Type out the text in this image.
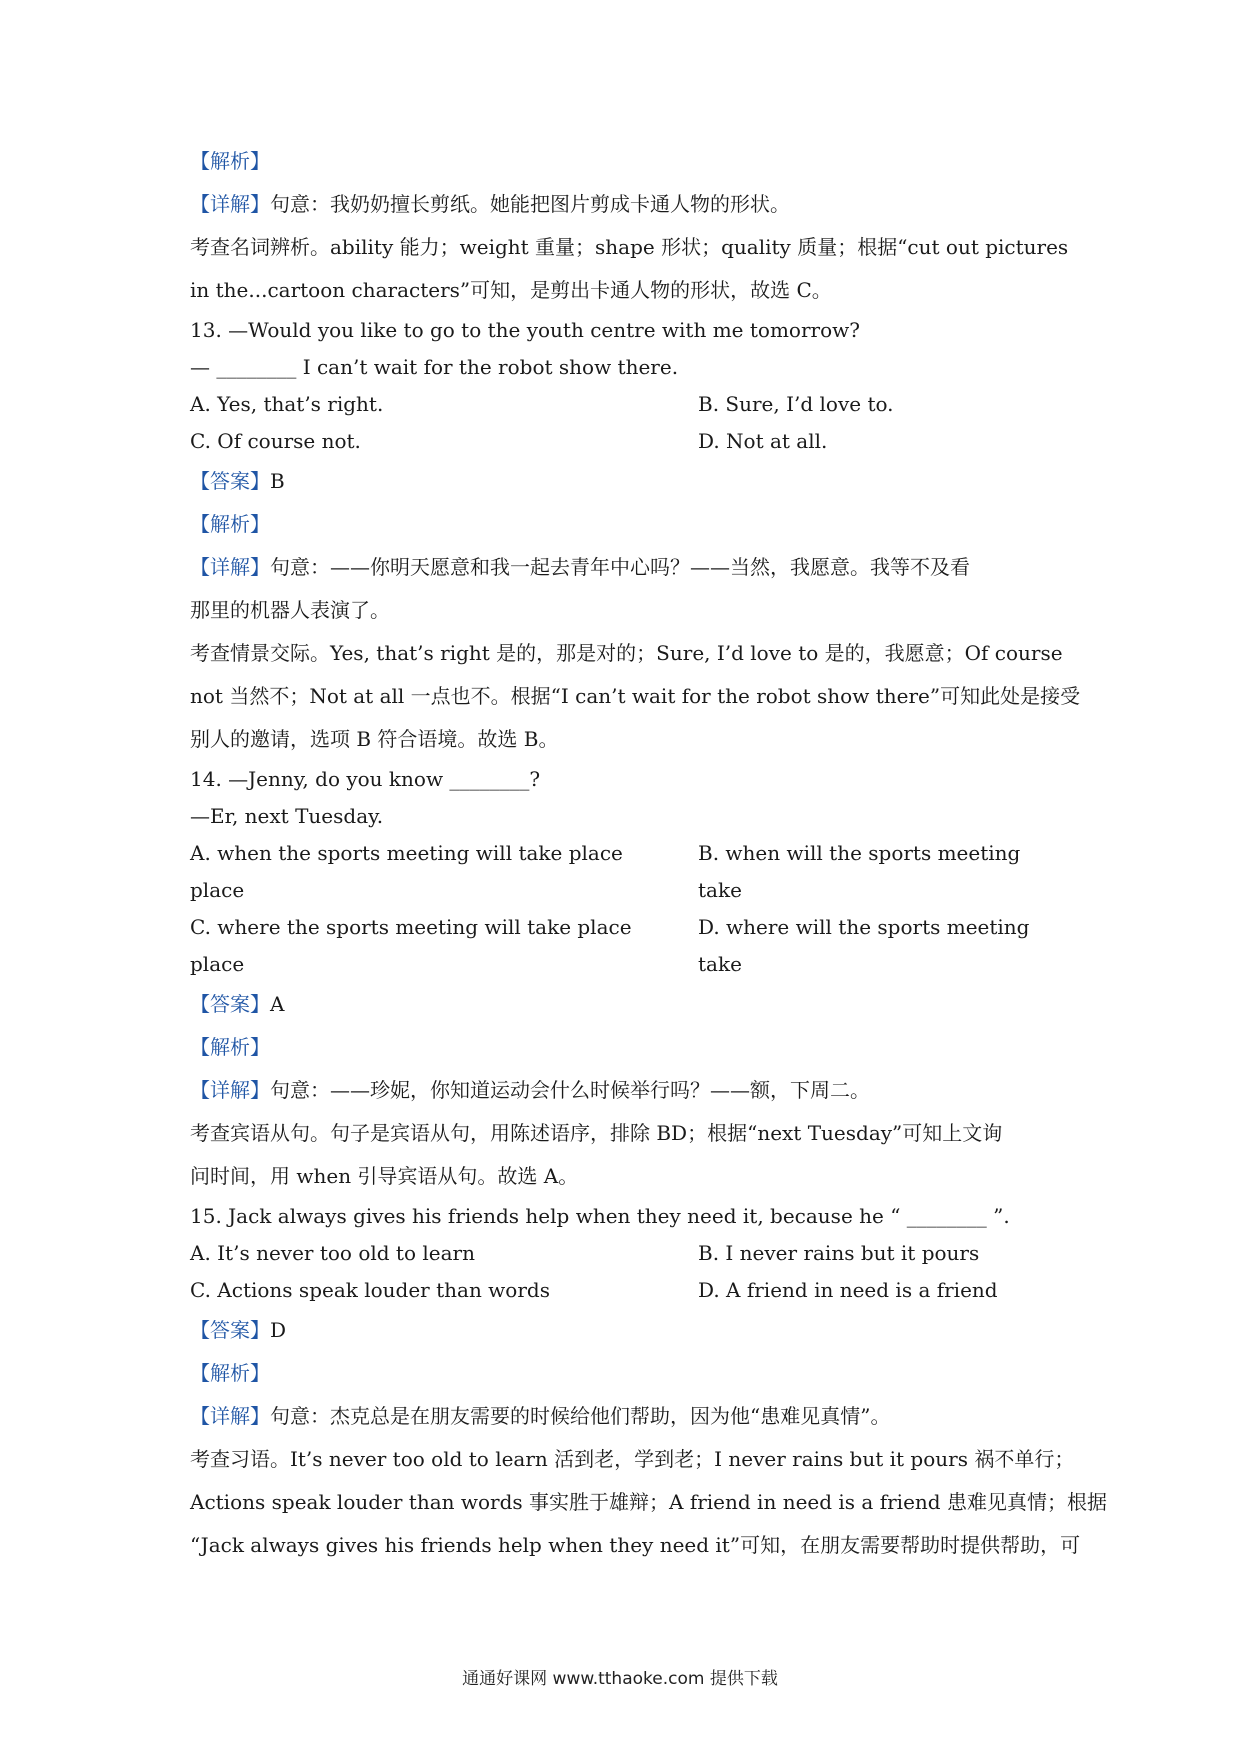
【解析】
【详解】句意：我奶奶擅长剪纸。她能把图片剪成卡通人物的形状。
考查名词辨析。ability 能力；weight 重量；shape 形状；quality 质量；根据“cut out pictures
in the...cartoon characters”可知，是剪出卡通人物的形状，故选 C。
13. —Would you like to go to the youth centre with me tomorrow?
— ________ I can’t wait for the robot show there.
A. Yes, that’s right.	B. Sure, I’d love to.
C. Of course not.	D. Not at all.
【答案】B
【解析】
【详解】句意：——你明天愿意和我一起去青年中心吗？——当然，我愿意。我等不及看
那里的机器人表演了。
考查情景交际。Yes, that’s right 是的，那是对的；Sure, I’d love to 是的，我愿意；Of course
not 当然不；Not at all 一点也不。根据“I can’t wait for the robot show there”可知此处是接受
别人的邀请，选项 B 符合语境。故选 B。
14. —Jenny, do you know ________?
—Er, next Tuesday.
A. when the sports meeting will take place	B. when will the sports meeting take
place
C. where the sports meeting will take place	D. where will the sports meeting take
place
【答案】A
【解析】
【详解】句意：——珍妮，你知道运动会什么时候举行吗？——额，下周二。
考查宾语从句。句子是宾语从句，用陈述语序，排除 BD；根据“next Tuesday”可知上文询
问时间，用 when 引导宾语从句。故选 A。
15. Jack always gives his friends help when they need it, because he “ ________ ”.
A. It’s never too old to learn	B. I never rains but it pours
C. Actions speak louder than words	D. A friend in need is a friend
【答案】D
【解析】
【详解】句意：杰克总是在朋友需要的时候给他们帮助，因为他“患难见真情”。
考查习语。It’s never too old to learn 活到老，学到老；I never rains but it pours 祸不单行；
Actions speak louder than words 事实胜于雄辩；A friend in need is a friend 患难见真情；根据
“Jack always gives his friends help when they need it”可知，在朋友需要帮助时提供帮助，可
通通好课网 www.tthaoke.com 提供下载
